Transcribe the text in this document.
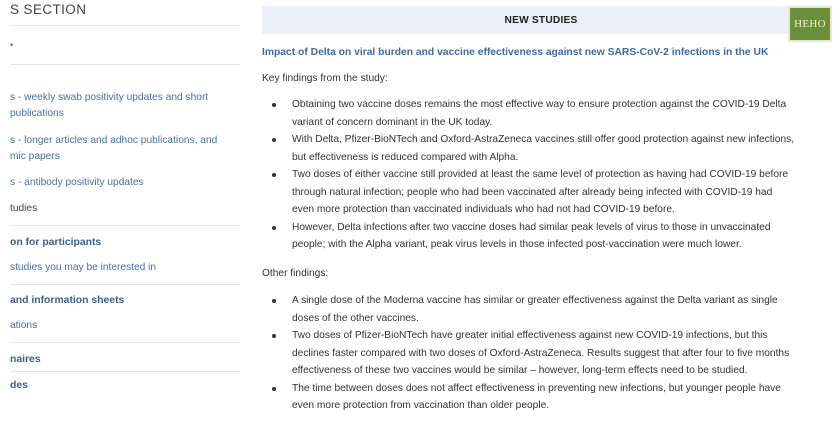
S SECTION
•
s - weekly swab positivity updates and short
publications
s - longer articles and adhoc publications, and
mic papers
s - antibody positivity updates
tudies
on for participants
studies you may be interested in
and information sheets
ations
naires
des
NEW STUDIES	HEHO
Impact of Delta on viral burden and vaccine effectiveness against new SARS-CoV-2 infections in the UK
Key findings from the study:
Obtaining two vaccine doses remains the most effective way to ensure protection against the COVID-19 Delta
variant of concern dominant in the UK today.
With Delta, Pfizer-BioNTech and Oxford-AstraZeneca vaccines still offer good protection against new infections,
but effectiveness is reduced compared with Alpha.
Two doses of either vaccine still provided at least the same level of protection as having had COVID-19 before
through natural infection; people who had been vaccinated after already being infected with COVID-19 had
even more protection than vaccinated individuals who had not had COVID-19 before.
However, Delta infections after two vaccine doses had similar peak levels of virus to those in unvaccinated
people; with the Alpha variant, peak virus levels in those infected post-vaccination were much lower.
Other findings:
A single dose of the Moderna vaccine has similar or greater effectiveness against the Delta variant as single
doses of the other vaccines.
Two doses of Pfizer-BioNTech have greater initial effectiveness against new COVID-19 infections, but this
declines faster compared with two doses of Oxford-AstraZeneca. Results suggest that after four to five months
effectiveness of these two vaccines would be similar – however, long-term effects need to be studied.
The time between doses does not affect effectiveness in preventing new infections, but younger people have
even more protection from vaccination than older people.
